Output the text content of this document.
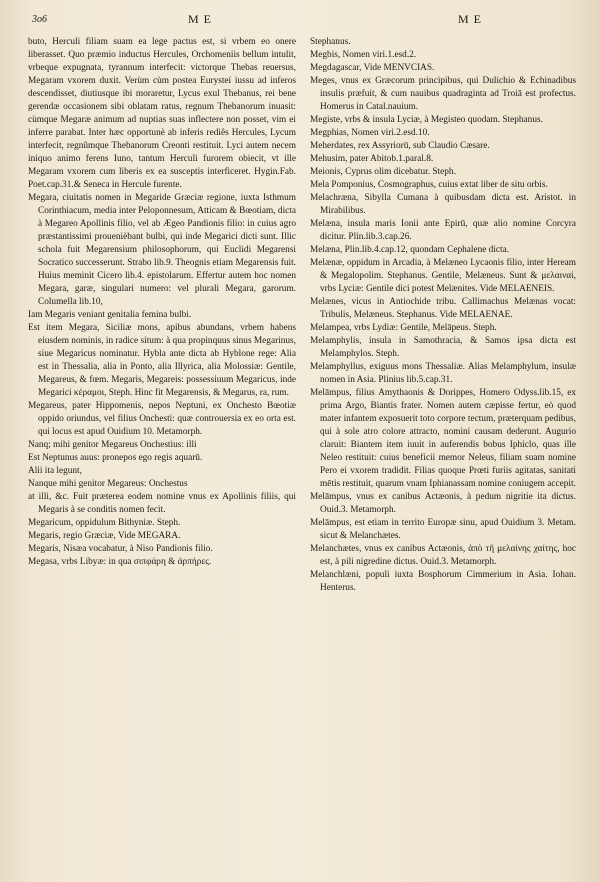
3ο6	M E	M E

buto, Herculi filiam suam ea lege pactus est, si vrbem eo onere liberasset. Quo præmio inductus Hercules, Orchomeniis bellum intulit, vrbeque expugnata, tyrannum interfecit: victorque Thebas reuersus, Megaram vxorem duxit. Verùm cùm postea Eurysteí iussu ad inferos descendisset, diutiusque ibi moraretur, Lycus exul Thebanus, rei bene gerendæ occasionem sibi oblatam ratus, regnum Thebanorum inuasit: cùmque Megaræ animum ad nuptias suas inflectere non posset, vim ei inferre parabat. Inter hæc opportunè ab inferis rediês Hercules, Lycum interfecit, regnûmque Thebanorum Creonti restituit. Lyci autem necem iniquo animo ferens Iuno, tantum Herculi furorem obiecit, vt ille Megaram vxorem cum liberis ex ea susceptis interficeret. Hygin.Fab. Poet.cap.31.& Seneca in Hercule furente.

Megara, ciuitatis nomen in Megaride Græciæ regione, iuxta Isthmum Corinthiacum, media inter Peloponnesum, Atticam & Bœotiam, dicta à Megareo Apollinis filio, vel ab Ægeo Pandionis filio: in cuius agro præstantissimi prouenièbant bulbi, qui inde Megarici dicti sunt. Illic schola fuit Megarensium philosophorum, qui Euclidi Megarensi Socratico successerunt. Strabo lib.9. Theognis etiam Megarensis fuit. Huius meminit Cicero lib.4. epistolarum. Effertur autem hoc nomen Megara, garæ, singulari numero: vel plurali Megara, garorum. Columella lib.10,

Iam Megaris veniant genitalia femina bulbi.

Est item Megara, Siciliæ mons, apibus abundans, vrbem habens eiusdem nominis, in radice situm: à qua propinquus sinus Megarinus, siue Megaricus nominatur. Hybla ante dicta ab Hyblone rege: Alia est in Thessalia, alia in Ponto, alia Illyrica, alia Molossiæ: Gentile, Megareus, & fœm. Megaris, Megareis: possessiuum Megaricus, inde Megarici κέραμοι, Steph. Hinc fit Megarensis, & Megarus, ra, rum.

Megareus, pater Hippomenis, nepos Neptuni, ex Onchesto Bœotiæ oppido oriundus, vel filius Onchesti: quæ controuersia ex eo orta est. qui locus est apud Ouidium 10. Metamorph.

Nanq; mihi genitor Megareus Onchestius: illi

Est Neptunus auus: pronepos ego regis aquarū.

Alii ita legunt,

Nanque mihi genitor Megareus: Onchestus

at illi, &c. Fuit præterea eodem nomine vnus ex Apollinis filiis, qui Megaris à se conditis nomen fecit.

Megaricum, oppidulum Bithyniæ. Steph.

Megaris, regio Græciæ, Vide MEGARA.

Megaris, Nisæa vocabatur, à Niso Pandionis filio.

Megasa, vrbs Libyæ: in qua σιπφάρη & ἀρπήρες.

Stephanus.

Megbis, Nomen viri.1.esd.2.

Megdagascar, Vide MENVCIAS.

Meges, vnus ex Græcorum principibus, qui Dulichio & Echinadibus insulis præfuit, & cum nauibus quadraginta ad Troiā est profectus. Homerus in Catal.nauium.

Megiste, vrbs & insula Lyciæ, à Megisteo quodam. Stephanus.

Megphias, Nomen viri.2.esd.10.

Meherdates, rex Assyriorū, sub Claudio Cæsare.

Mehusim, pater Abitob.1.paral.8.

Meionis, Cyprus olim dicebatur. Steph.

Mela Pomponius, Cosmographus, cuius extat liber de situ orbis.

Melachræna, Sibylla Cumana à quibusdam dicta est. Aristot. in Mirabilibus.

Melæna, insula maris Ionii ante Epirū, quæ alio nomine Corcyra dicitur. Plin.lib.3.cap.26.

Melæna, Plin.lib.4.cap.12, quondam Cephalene dicta.

Melænæ, oppidum in Arcadia, à Melæneo Lycaonis filio, inter Heream & Megalopolim. Stephanus. Gentile, Melæneus. Sunt & μελαιναί, vrbs Lyciæ: Gentile dici potest Melænites. Vide MELAENEIS.

Melænes, vicus in Antiochide tribu. Callimachus Melænas vocat: Tribulis, Melæneus. Stephanus. Vide MELAENAE.

Melampea, vrbs Lydiæ: Gentile, Melāpeus. Steph.

Melamphylis, insula in Samothracia, & Samos ipsa dicta est Melamphylos. Steph.

Melamphyllus, exiguus mons Thessaliæ. Alias Melamphylum, insulæ nomen in Asia. Plinius lib.5.cap.31.

Melāmpus, filius Amythaonis & Dorippes, Homero Odyss.lib.15, ex prima Argo, Biantis frater. Nomen autem cæpisse fertur, eò quod mater infantem exposuerit toto corpore tectum, præterquam pedibus, qui à sole atro colore attracto, nomini causam dederunt. Augurio claruit: Biantem item iuuit in auferendis bobus Iphiclo, quas ille Neleo restituit: cuius beneficii memor Neleus, filiam suam nomine Pero ei vxorem tradidit. Filias quoque Prœti furiis agitatas, sanitati mētis restituit, quarum vnam Iphianassam nomine coniugem accepit.

Melāmpus, vnus ex canibus Actæonis, à pedum nigritie ita dictus. Ouid.3. Metamorph.

Melāmpus, est etiam in territo Europæ sinu, apud Ouidium 3. Metam. sicut & Melanchætes.

Melanchætes, vnus ex canibus Actæonis, ἀπὸ τῆ μελαίνης χαίτης, hoc est, à pili nigredine dictus. Ouid.3. Metamorph.

Melanchlæni, populi iuxta Bosphorum Cimmerium in Asia. Iohan. Henterus.
